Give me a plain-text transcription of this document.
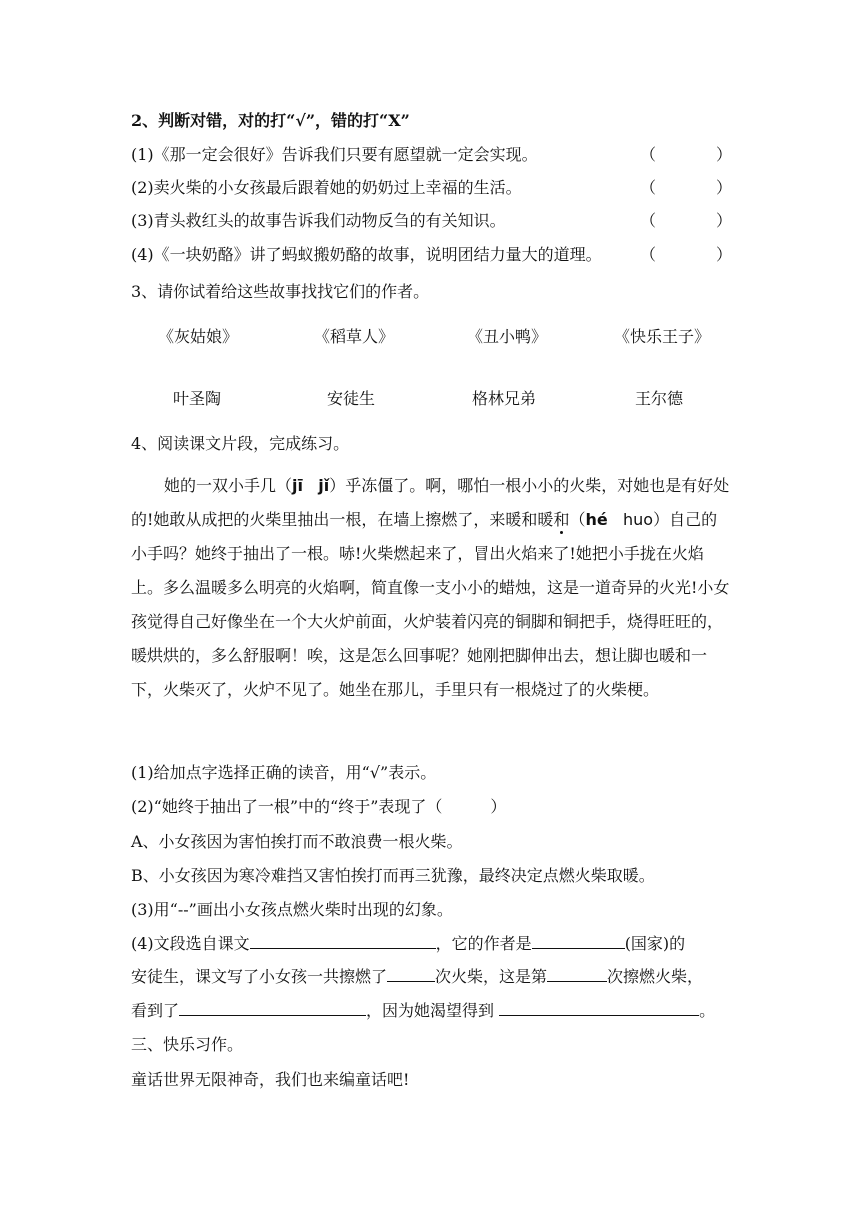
2、判断对错，对的打“√”，错的打“X”
(1)《那一定会很好》告诉我们只要有愿望就一定会实现。	（	）
(2)卖火柴的小女孩最后跟着她的奶奶过上幸福的生活。	（	）
(3)青头救红头的故事告诉我们动物反刍的有关知识。	（	）
(4)《一块奶酪》讲了蚂蚁搬奶酪的故事，说明团结力量大的道理。 （	）
3、请你试着给这些故事找找它们的作者。
《灰姑娘》	《稻草人》	《丑小鸭》	《快乐王子》
叶圣陶	安徒生	格林兄弟	王尔德
4、阅读课文片段，完成练习。
她的一双小手几（jī jǐ）乎冻僵了。啊，哪怕一根小小的火柴，对她也是有好处的!她敢从成把的火柴里抽出一根，在墙上擦燃了，来暖和暖和（hé huo）自己的小手吗？她终于抽出了一根。哧!火柴燃起来了，冒出火焰来了!她把小手拢在火焰上。多么温暖多么明亮的火焰啊，简直像一支小小的蜡烛，这是一道奇异的火光!小女孩觉得自己好像坐在一个大火炉前面，火炉装着闪亮的铜脚和铜把手，烧得旺旺的，暖烘烘的，多么舒服啊！唉，这是怎么回事呢？她刚把脚伸出去，想让脚也暖和一下，火柴灭了，火炉不见了。她坐在那儿，手里只有一根烧过了的火柴梗。
(1)给加点字选择正确的读音，用“√”表示。
(2)“她终于抽出了一根”中的“终于”表现了（　　　）
A、小女孩因为害怕挨打而不敢浪费一根火柴。
B、小女孩因为寒冷难挡又害怕挨打而再三犹豫，最终决定点燃火柴取暖。
(3)用“--”画出小女孩点燃火柴时出现的幻象。
(4)文段选自课文	，它的作者是	(国家)的
安徒生，课文写了小女孩一共擦燃了	次火柴，这是第	次擦燃火柴，
看到了	，因为她渴望得到	。
三、快乐习作。
童话世界无限神奇，我们也来编童话吧!
